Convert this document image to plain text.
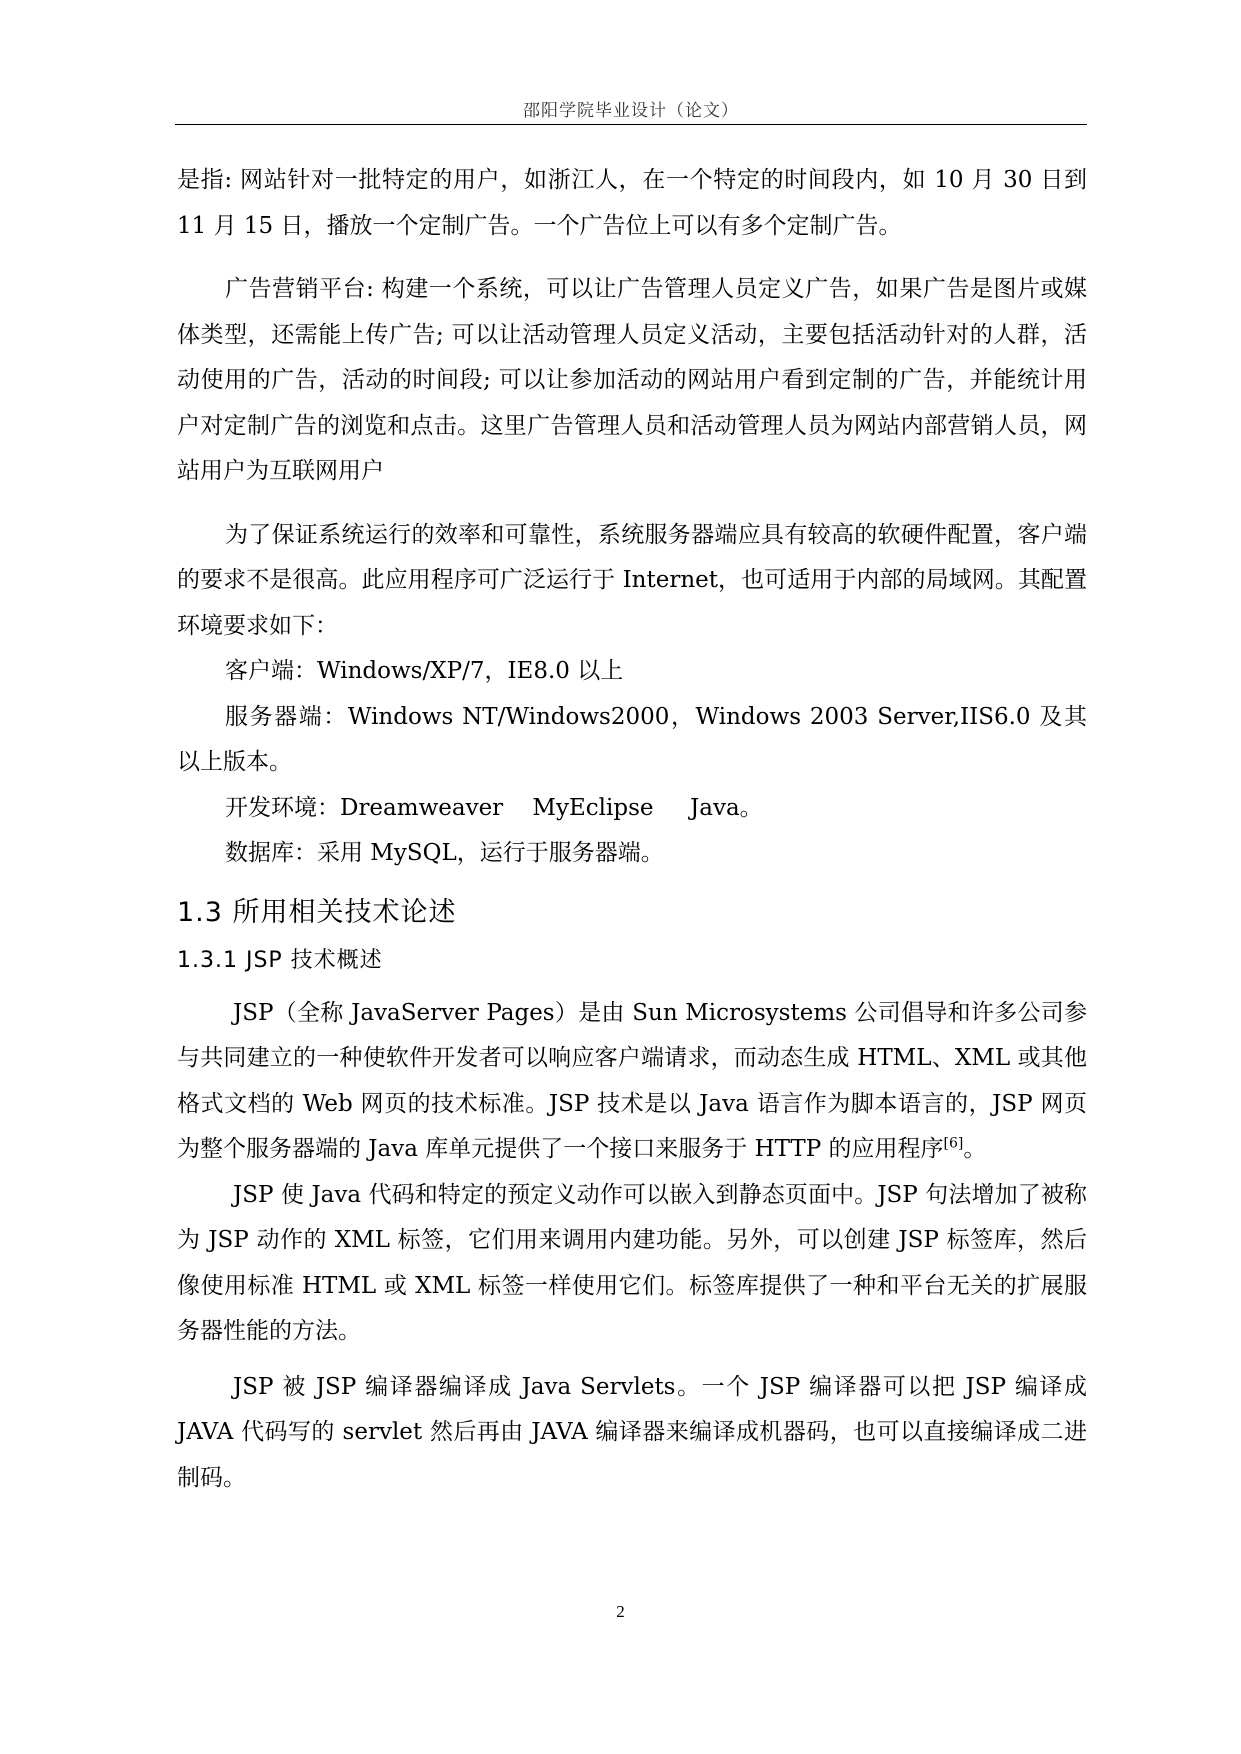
邵阳学院毕业设计（论文）

是指: 网站针对一批特定的用户，如浙江人，在一个特定的时间段内，如 10 月 30 日到 11 月 15 日，播放一个定制广告。一个广告位上可以有多个定制广告。

广告营销平台: 构建一个系统，可以让广告管理人员定义广告，如果广告是图片或媒体类型，还需能上传广告; 可以让活动管理人员定义活动，主要包括活动针对的人群，活动使用的广告，活动的时间段; 可以让参加活动的网站用户看到定制的广告，并能统计用户对定制广告的浏览和点击。这里广告管理人员和活动管理人员为网站内部营销人员，网站用户为互联网用户

为了保证系统运行的效率和可靠性，系统服务器端应具有较高的软硬件配置，客户端的要求不是很高。此应用程序可广泛运行于 Internet，也可适用于内部的局域网。其配置环境要求如下：

客户端：Windows/XP/7，IE8.0 以上

服务器端：Windows NT/Windows2000，Windows 2003 Server,IIS6.0 及其以上版本。

开发环境：Dreamweaver    MyEclipse     Java。

数据库：采用 MySQL，运行于服务器端。

1.3 所用相关技术论述
1.3.1 JSP 技术概述

JSP（全称 JavaServer Pages）是由 Sun Microsystems 公司倡导和许多公司参与共同建立的一种使软件开发者可以响应客户端请求，而动态生成 HTML、XML 或其他格式文档的 Web 网页的技术标准。JSP 技术是以 Java 语言作为脚本语言的，JSP 网页为整个服务器端的 Java 库单元提供了一个接口来服务于 HTTP 的应用程序[6]。

JSP 使 Java 代码和特定的预定义动作可以嵌入到静态页面中。JSP 句法增加了被称为 JSP 动作的 XML 标签，它们用来调用内建功能。另外，可以创建 JSP 标签库，然后像使用标准 HTML 或 XML 标签一样使用它们。标签库提供了一种和平台无关的扩展服务器性能的方法。

JSP 被 JSP 编译器编译成 Java Servlets。一个 JSP 编译器可以把 JSP 编译成 JAVA 代码写的 servlet 然后再由 JAVA 编译器来编译成机器码，也可以直接编译成二进制码。

2
